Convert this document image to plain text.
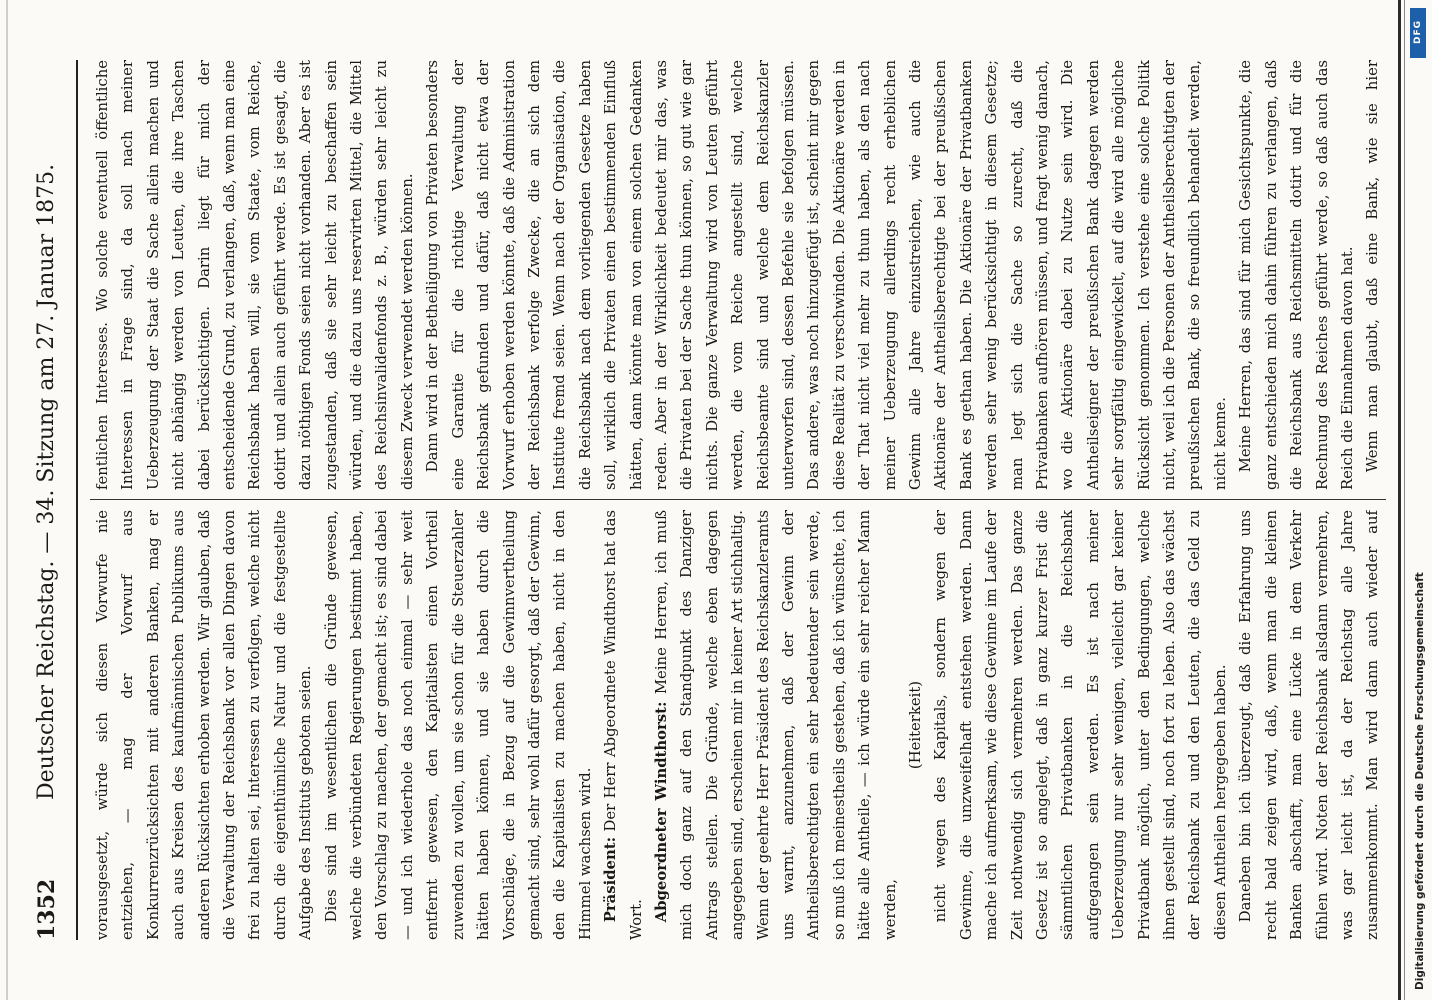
1352
Deutscher Reichstag. — 34. Sitzung am 27. Januar 1875. vorausgesetzt, würde sich diesen Vorwurfe nie entziehen, — mag der Vorwurf aus Konkurrenzrücksichten mit anderen Banken, mag er auch aus Kreisen des kaufmännischen Publikums aus anderen Rücksichten erhoben werden. Wir glauben, daß die Verwaltung der Reichsbank vor allen Dingen davon frei zu halten sei, Interessen zu verfolgen, welche nicht durch die eigenthümliche Natur und die festgestellte Aufgabe des Instituts geboten seien. Dies sind im wesentlichen die Gründe gewesen, welche die verbündeten Regierungen bestimmt haben, den Vorschlag zu machen, der gemacht ist; es sind dabei — und ich wiederhole das noch einmal — sehr weit entfernt gewesen, den Kapitalisten einen Vortheil zuwenden zu wollen, um sie schon für die Steuerzahler hätten haben können, und sie haben durch die Vorschläge, die in Bezug auf die Gewinnvertheilung gemacht sind, sehr wohl dafür gesorgt, daß der Gewinn, den die Kapitalisten zu machen haben, nicht in den Himmel wachsen wird. Präsident: Der Herr Abgeordnete Windthorst hat das Wort. Abgeordneter Windthorst: Meine Herren, ich muß mich doch ganz auf den Standpunkt des Danziger Antrags stellen. Die Gründe, welche eben dagegen angegeben sind, erscheinen mir in keiner Art stichhaltig. Wenn der geehrte Herr Präsident des Reichskanzleramts uns warnt, anzunehmen, daß der Gewinn der Antheilsberechtigten ein sehr bedeutender sein werde, so muß ich meinestheils gestehen, daß ich wünschte, ich hätte alle Antheile, — ich würde ein sehr reicher Mann werden,

(Heiterkeit) nicht wegen des Kapitals, sondern wegen der Gewinne, die unzweifelhaft entstehen werden. Dann mache ich aufmerksam, wie diese Gewinne im Laufe der Zeit nothwendig sich vermehren werden. Das ganze Gesetz ist so angelegt, daß in ganz kurzer Frist die sämmtlichen Privatbanken in die Reichsbank aufgegangen sein werden. Es ist nach meiner Ueberzeugung nur sehr wenigen, vielleicht gar keiner Privatbank möglich, unter den Bedingungen, welche ihnen gestellt sind, noch fort zu leben. Also das wächst der Reichsbank zu und den Leuten, die das Geld zu diesen Antheilen hergegeben haben. Daneben bin ich überzeugt, daß die Erfahrung uns recht bald zeigen wird, daß, wenn man die kleinen Banken abschafft, man eine Lücke in dem Verkehr fühlen wird. Noten der Reichsbank alsdann vermehren, was gar leicht ist, da der Reichstag alle Jahre zusammenkommt. Man wird dann auch wieder auf

fentlichen Interesses. Wo solche eventuell öffentliche Interessen in Frage sind, da soll nach meiner Ueberzeugung der Staat die Sache allein machen und nicht abhängig werden von Leuten, die ihre Taschen dabei berücksichtigen. Darin liegt für mich der entscheidende Grund, zu verlangen, daß, wenn man eine Reichsbank haben will, sie vom Staate, vom Reiche, dotirt und allein auch geführt werde. Es ist gesagt, die dazu nöthigen Fonds seien nicht vorhanden. Aber es ist zugestanden, daß sie sehr leicht zu beschaffen sein würden, und die dazu uns reservirten Mittel, die Mittel des Reichsinvalidenfonds z. B., würden sehr leicht zu diesem Zweck verwendet werden können. Dann wird in der Betheiligung von Privaten besonders eine Garantie für die richtige Verwaltung der Reichsbank gefunden und dafür, daß nicht etwa der Vorwurf erhoben werden könnte, daß die Administration der Reichsbank verfolge Zwecke, die an sich dem Institute fremd seien. Wenn nach der Organisation, die die Reichsbank nach dem vorliegenden Gesetze haben soll, wirklich die Privaten einen bestimmenden Einfluß hätten, dann könnte man von einem solchen Gedanken reden. Aber in der Wirklichkeit bedeutet mir das, was die Privaten bei der Sache thun können, so gut wie gar nichts. Die ganze Verwaltung wird von Leuten geführt werden, die vom Reiche angestellt sind, welche Reichsbeamte sind und welche dem Reichskanzler unterworfen sind, dessen Befehle sie befolgen müssen. Das andere, was noch hinzugefügt ist, scheint mir gegen diese Realität zu verschwinden. Die Aktionäre werden in der That nicht viel mehr zu thun haben, als den nach meiner Ueberzeugung allerdings recht erheblichen Gewinn alle Jahre einzustreichen, wie auch die Aktionäre der Antheilsberechtigte bei der preußischen Bank es gethan haben. Die Aktionäre der Privatbanken werden sehr wenig berücksichtigt in diesem Gesetze; man legt sich die Sache so zurecht, daß die Privatbanken aufhören müssen, und fragt wenig danach, wo die Aktionäre dabei zu Nutze sein wird. Die Antheilseigner der preußischen Bank dagegen werden sehr sorgfältig eingewickelt, auf die wird alle mögliche Rücksicht genommen. Ich verstehe eine solche Politik nicht, weil ich die Personen der Antheilsberechtigten der preußischen Bank, die so freundlich behandelt werden, nicht kenne. Meine Herren, das sind für mich Gesichtspunkte, die ganz entschieden mich dahin führen zu verlangen, daß die Reichsbank aus Reichsmitteln dotirt und für die Rechnung des Reiches geführt werde, so daß auch das Reich die Einnahmen davon hat. Wenn man glaubt, daß eine Bank, wie sie hier

DFG
Digitalisierung gefördert durch die Deutsche Forschungsgemeinschaft
